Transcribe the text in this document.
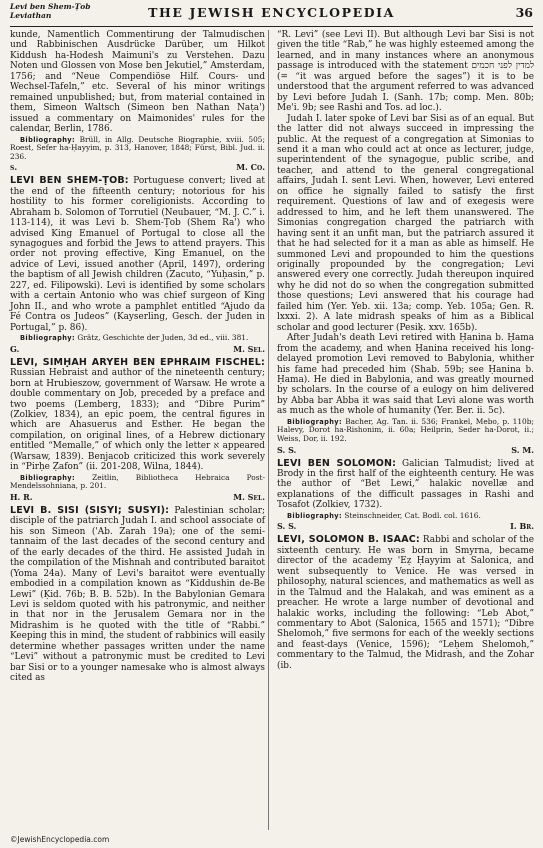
Levi ben Shem-Ṭob
Leviathan	THE JEWISH ENCYCLOPEDIA	36

kunde, Namentlich Commentirung der Talmudischen und Rabbinischen Ausdrücke Darüber, um Hilkot Kiddush ha-Hodesh Maimuni's zu Verstehen. Dazu Noten und Glossen von Mose ben Jekutiel,” Amsterdam, 1756; and “Neue Compendiöse Hilf. Cours- und Wechsel-Tafeln,” etc. Several of his minor writings remained unpublished; but, from material contained in them, Simeon Waltsch (Simeon ben Nathan Naṭa') issued a commentary on Maimonides' rules for the calendar, Berlin, 1786.

Bibliography: Brüll, in Allg. Deutsche Biographie, xviii. 505; Roest, Sefer ha-Ḥayyim, p. 313, Hanover, 1848; Fürst, Bibl. Jud. ii. 236.

s.	M. Co.

LEVI BEN SHEM-ṬOB: Portuguese convert; lived at the end of the fifteenth century; notorious for his hostility to his former coreligionists. According to Abraham b. Solomon of Torrutiel (Neubauer, “M. J. C.” i. 113-114), it was Levi b. Shem-Ṭob (Shem Ra') who advised King Emanuel of Portugal to close all the synagogues and forbid the Jews to attend prayers. This order not proving effective, King Emanuel, on the advice of Levi, issued another (April, 1497), ordering the baptism of all Jewish children (Zacuto, “Yuḥasin,” p. 227, ed. Filipowski). Levi is identified by some scholars with a certain Antonio who was chief surgeon of King John II., and who wrote a pamphlet entitled “Ajudo da Fé Contra os Judeos” (Kayserling, Gesch. der Juden in Portugal,” p. 86).

Bibliography: Grätz, Geschichte der Juden, 3d ed., viii. 381.

G.	M. Sel.

LEVI, SIMḤAH ARYEH BEN EPHRAIM FISCHEL: Russian Hebraist and author of the nineteenth century; born at Hrubieszow, government of Warsaw. He wrote a double commentary on Job, preceded by a preface and two poems (Lemberg, 1833); and “Dibre Purim” (Zolkiev, 1834), an epic poem, the central figures in which are Ahasuerus and Esther. He began the compilation, on original lines, of a Hebrew dictionary entitled “Memalle,” of which only the letter א appeared (Warsaw, 1839). Benjacob criticized this work severely in “Pirḥe Ẓafon” (ii. 201-208, Wilna, 1844).

Bibliography: Zeitlin, Bibliotheca Hebraica Post-Mendelssohniana, p. 201.

H. R.	M. Sel.

LEVI B. SISI (SISYI; SUSYI): Palestinian scholar; disciple of the patriarch Judah I. and school associate of his son Simeon ('Ab. Zarah 19a); one of the semi-tannaim of the last decades of the second century and of the early decades of the third. He assisted Judah in the compilation of the Mishnah and contributed baraitot (Yoma 24a). Many of Levi's baraitot were eventually embodied in a compilation known as “Kiddushin de-Be Lewi” (Ḳid. 76b; B. B. 52b). In the Babylonian Gemara Levi is seldom quoted with his patronymic, and neither in that nor in the Jerusalem Gemara nor in the Midrashim is he quoted with the title of “Rabbi.” Keeping this in mind, the student of rabbinics will easily determine whether passages written under the name “Levi” without a patronymic must be credited to Levi bar Sisi or to a younger namesake who is almost always cited as

“R. Levi” (see Levi II). But although Levi bar Sisi is not given the title “Rab,” he was highly esteemed among the learned, and in many instances where an anonymous passage is introduced with the statement למדין לפני חכמים (= “it was argued before the sages”) it is to be understood that the argument referred to was advanced by Levi before Judah I. (Sanh. 17b; comp. Men. 80b; Me'i. 9b; see Rashi and Tos. ad loc.).

Judah I. later spoke of Levi bar Sisi as of an equal. But the latter did not always succeed in impressing the public. At the request of a congregation at Simonias to send it a man who could act at once as lecturer, judge, superintendent of the synagogue, public scribe, and teacher, and attend to the general congregational affairs, Judah I. sent Levi. When, however, Levi entered on office he signally failed to satisfy the first requirement. Questions of law and of exegesis were addressed to him, and he left them unanswered. The Simonias congregation charged the patriarch with having sent it an unfit man, but the patriarch assured it that he had selected for it a man as able as himself. He summoned Levi and propounded to him the questions originally propounded by the congregation; Levi answered every one correctly. Judah thereupon inquired why he did not do so when the congregation submitted those questions; Levi answered that his courage had failed him (Yer. Yeb. xii. 13a; comp. Yeb. 105a; Gen. R. lxxxi. 2). A late midrash speaks of him as a Biblical scholar and good lecturer (Pesiḳ. xxv. 165b).

After Judah's death Levi retired with Ḥanina b. Ḥama from the academy, and when Ḥanina received his long-delayed promotion Levi removed to Babylonia, whither his fame had preceded him (Shab. 59b; see Ḥanina b. Ḥama). He died in Babylonia, and was greatly mourned by scholars. In the course of a eulogy on him delivered by Abba bar Abba it was said that Levi alone was worth as much as the whole of humanity (Yer. Ber. ii. 5c).

Bibliography: Bacher, Ag. Tan. ii. 536; Frankel, Mebo, p. 110b; Halevy, Dorot ha-Rishonim, ii. 60a; Heilprin, Seder ha-Dorot, ii.; Weiss, Dor, ii. 192.

S. S.	S. M.

LEVI BEN SOLOMON: Galician Talmudist; lived at Brody in the first half of the eighteenth century. He was the author of “Bet Lewi,” halakic novellæ and explanations of the difficult passages in Rashi and Tosafot (Zolkiev, 1732).

Bibliography: Steinschneider, Cat. Bodl. col. 1616.

S. S.	I. Br.

LEVI, SOLOMON B. ISAAC: Rabbi and scholar of the sixteenth century. He was born in Smyrna, became director of the academy 'Eẓ Ḥayyim at Salonica, and went subsequently to Venice. He was versed in philosophy, natural sciences, and mathematics as well as in the Talmud and the Halakah, and was eminent as a preacher. He wrote a large number of devotional and halakic works, including the following: “Leb Abot,” commentary to Abot (Salonica, 1565 and 1571); “Dibre Shelomoh,” five sermons for each of the weekly sections and feast-days (Venice, 1596); “Leḥem Shelomoh,” commentary to the Talmud, the Midrash, and the Zohar (ib.

©JewishEncyclopedia.com
